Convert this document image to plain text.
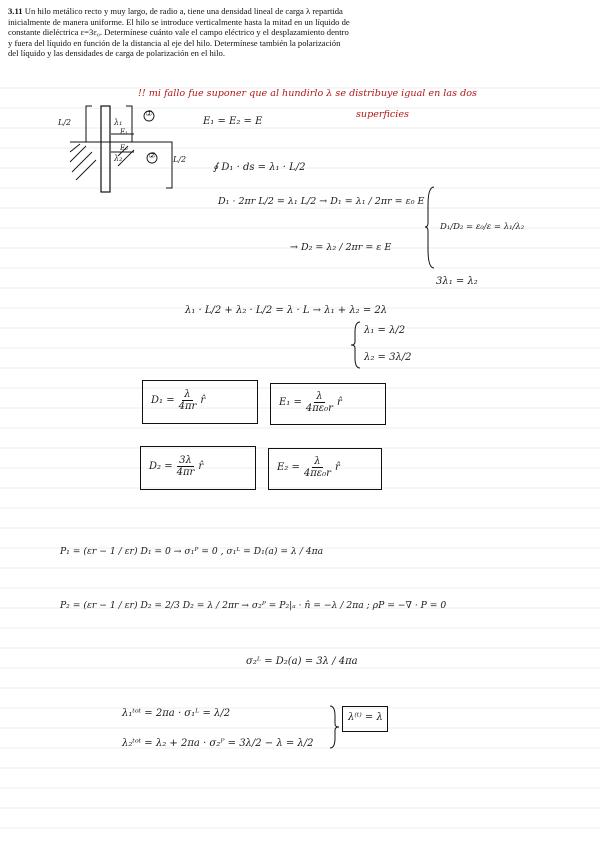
3.11 Un hilo metálico recto y muy largo, de radio a, tiene una densidad lineal de carga λ repartida inicialmente de manera uniforme. El hilo se introduce verticalmente hasta la mitad en un líquido de constante dieléctrica ε=3ε₀. Determínese cuánto vale el campo eléctrico y el desplazamiento dentro y fuera del líquido en función de la distancia al eje del hilo. Determínese también la polarización del líquido y las densidades de carga de polarización en el hilo.
!! mi fallo fue suponer que al hundirlo λ se distribuye igual en las dos
superficies
L/2
L/2
λ₁
λ₂
E₁
E₂
①
②
E₁ = E₂ = E
∮ D₁ · ds = λ₁ · L/2
D₁ · 2πr L/2 = λ₁ L/2 → D₁ = λ₁ / 2πr = ε₀ E
→ D₂ = λ₂ / 2πr = ε E
D₁/D₂ = ε₀/ε = λ₁/λ₂
3λ₁ = λ₂
λ₁ · L/2 + λ₂ · L/2 = λ · L → λ₁ + λ₂ = 2λ
λ₁ = λ/2
λ₂ = 3λ/2
$D_1 = \frac{\lambda}{4\pi r}$ r̂	$E_1 = \frac{\lambda}{\text{4πε₀r}}$ r̂
$D_2 = \frac{3\lambda}{4\pi r}$ r̂	$E_2 = \frac{\lambda}{\text{4πε₀r}}$ r̂
P₁ = (εr − 1 / εr) D₁ = 0 → σ₁ᴾ = 0 , σ₁ᴸ = D₁(a) = λ / 4πa
P₂ = (εr − 1 / εr) D₂ = 2/3 D₂ = λ / 2πr → σ₂ᴾ = P₂|ₐ · n̂ = −λ / 2πa ; ρP = −∇ · P = 0
σ₂ᴸ = D₂(a) = 3λ / 4πa
λ₁ᵗᵒᵗ = 2πa · σ₁ᴸ = λ/2
λ₂ᵗᵒᵗ = λ₂ + 2πa · σ₂ᴾ = 3λ/2 − λ = λ/2
λ⁽ᵗ⁾ = λ
